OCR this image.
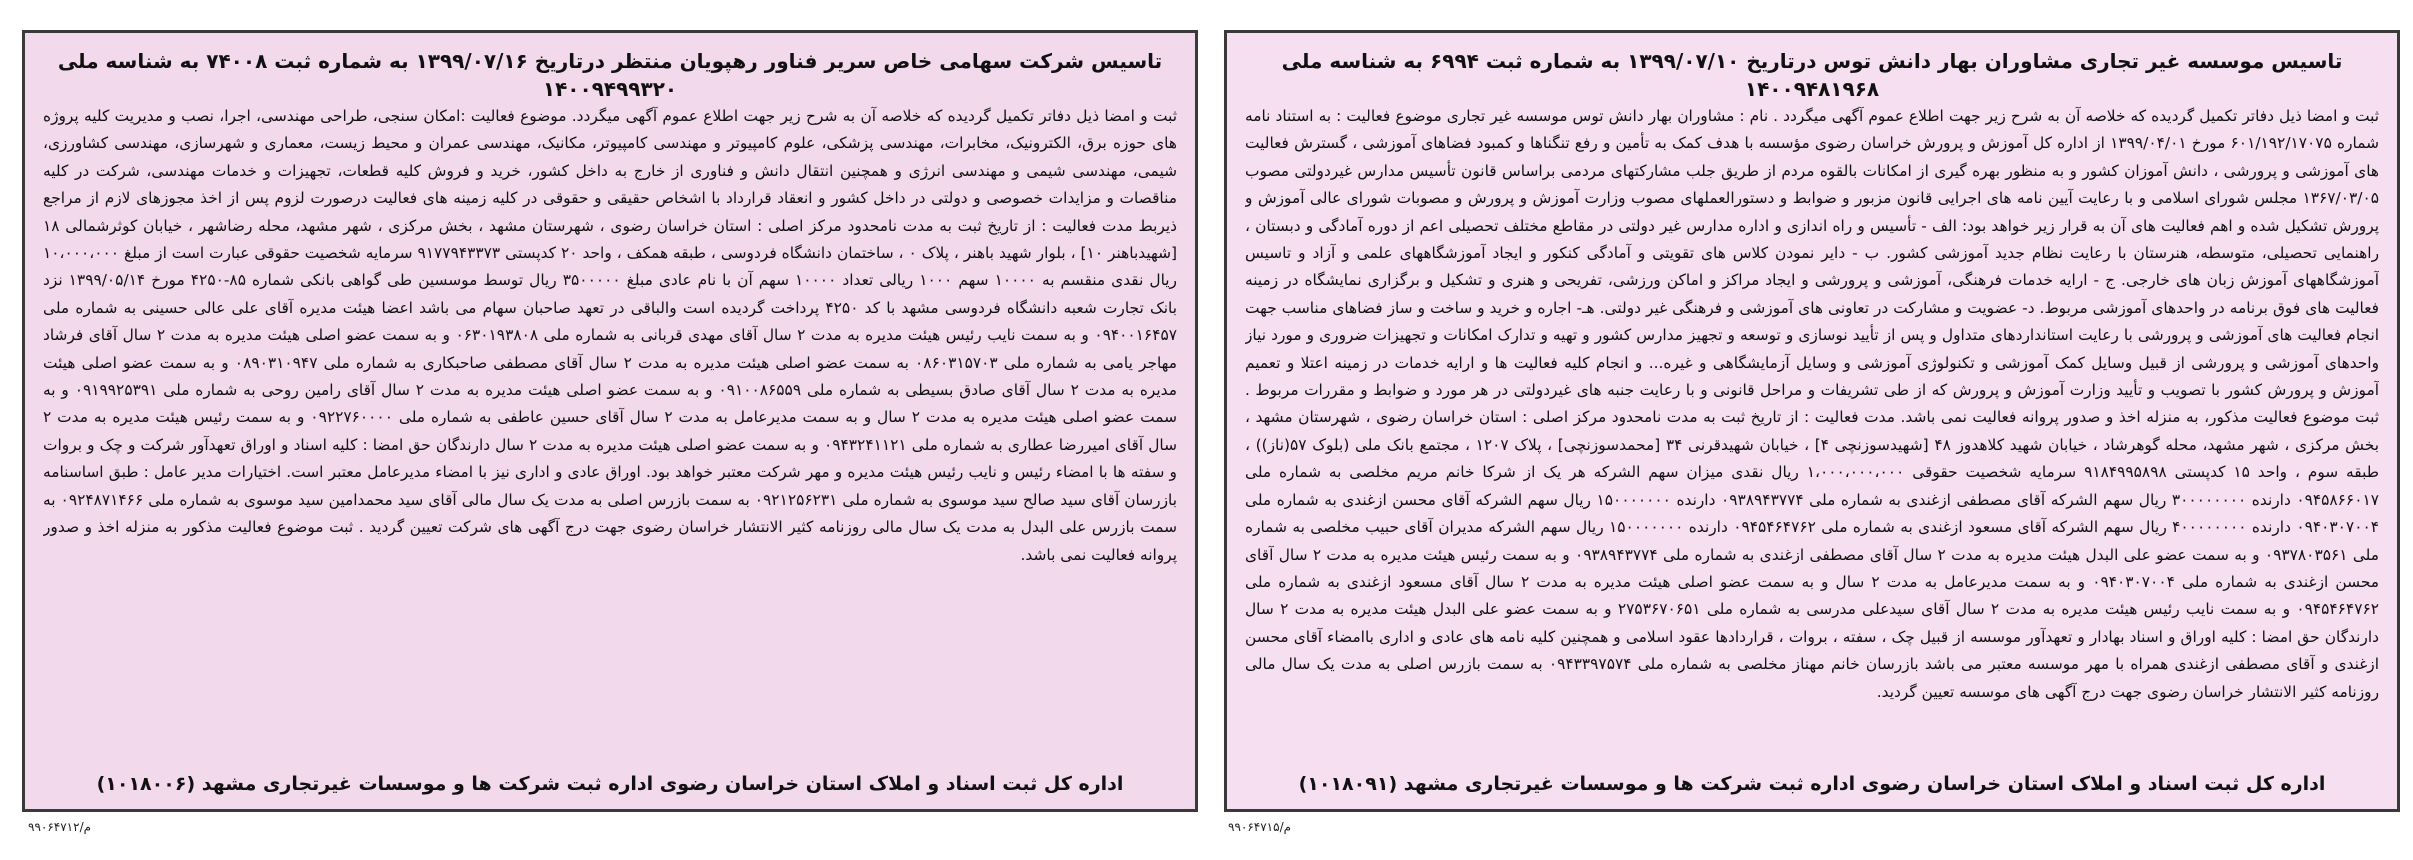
تاسیس شرکت سهامی خاص سریر فناور رهپویان منتظر درتاریخ ۱۳۹۹/۰۷/۱۶ به شماره ثبت ۷۴۰۰۸ به شناسه ملی ۱۴۰۰۹۴۹۹۳۲۰

ثبت و امضا ذیل دفاتر تکمیل گردیده که خلاصه آن به شرح زیر جهت اطلاع عموم آگهی میگردد. موضوع فعالیت :امکان سنجی، طراحی مهندسی، اجرا، نصب و مدیریت کلیه پروژه های حوزه برق، الکترونیک، مخابرات، مهندسی پزشکی، علوم کامپیوتر و مهندسی کامپیوتر، مکانیک، مهندسی عمران و محیط زیست، معماری و شهرسازی، مهندسی کشاورزی، شیمی، مهندسی شیمی و مهندسی انرژی و همچنین انتقال دانش و فناوری از خارج به داخل کشور، خرید و فروش کلیه قطعات، تجهیزات و خدمات مهندسی، شرکت در کلیه مناقصات و مزایدات خصوصی و دولتی در داخل کشور و انعقاد قرارداد با اشخاص حقیقی و حقوقی در کلیه زمینه های فعالیت درصورت لزوم پس از اخذ مجوزهای لازم از مراجع ذیربط مدت فعالیت : از تاریخ ثبت به مدت نامحدود مرکز اصلی : استان خراسان رضوی ، شهرستان مشهد ، بخش مرکزی ، شهر مشهد، محله رضاشهر ، خیابان کوثرشمالی ۱۸ [شهیدباهنر ۱۰] ، بلوار شهید باهنر ، پلاک ۰ ، ساختمان دانشگاه فردوسی ، طبقه همکف ، واحد ۲۰ کدپستی ۹۱۷۷۹۴۳۳۷۳ سرمایه شخصیت حقوقی عبارت است از مبلغ ۱۰،۰۰۰،۰۰۰ ریال نقدی منقسم به ۱۰۰۰۰ سهم ۱۰۰۰ ریالی تعداد ۱۰۰۰۰ سهم آن با نام عادی مبلغ ۳۵۰۰۰۰۰ ریال توسط موسسین طی گواهی بانکی شماره ۸۵-۴۲۵۰ مورخ ۱۳۹۹/۰۵/۱۴ نزد بانک تجارت شعبه دانشگاه فردوسی مشهد با کد ۴۲۵۰ پرداخت گردیده است والباقی در تعهد صاحبان سهام می باشد اعضا هیئت مدیره آقای علی عالی حسینی به شماره ملی ۰۹۴۰۰۱۶۴۵۷ و به سمت نایب رئیس هیئت مدیره به مدت ۲ سال آقای مهدی قربانی به شماره ملی ۰۶۳۰۱۹۳۸۰۸ و به سمت عضو اصلی هیئت مدیره به مدت ۲ سال آقای فرشاد مهاجر یامی به شماره ملی ۰۸۶۰۳۱۵۷۰۳ به سمت عضو اصلی هیئت مدیره به مدت ۲ سال آقای مصطفی صاحبکاری به شماره ملی ۰۸۹۰۳۱۰۹۴۷ و به سمت عضو اصلی هیئت مدیره به مدت ۲ سال آقای صادق بسیطی به شماره ملی ۰۹۱۰۰۸۶۵۵۹ و به سمت عضو اصلی هیئت مدیره به مدت ۲ سال آقای رامین روحی به شماره ملی ۰۹۱۹۹۲۵۳۹۱ و به سمت عضو اصلی هیئت مدیره به مدت ۲ سال و به سمت مدیرعامل به مدت ۲ سال آقای حسین عاطفی به شماره ملی ۰۹۲۲۷۶۰۰۰۰ و به سمت رئیس هیئت مدیره به مدت ۲ سال آقای امیررضا عطاری به شماره ملی ۰۹۴۳۲۴۱۱۲۱ و به سمت عضو اصلی هیئت مدیره به مدت ۲ سال دارندگان حق امضا : کلیه اسناد و اوراق تعهدآور شرکت و چک و بروات و سفته ها با امضاء رئیس و نایب رئیس هیئت مدیره و مهر شرکت معتبر خواهد بود. اوراق عادی و اداری نیز با امضاء مدیرعامل معتبر است. اختیارات مدیر عامل : طبق اساسنامه بازرسان آقای سید صالح سید موسوی به شماره ملی ۰۹۲۱۲۵۶۲۳۱ به سمت بازرس اصلی به مدت یک سال مالی آقای سید محمدامین سید موسوی به شماره ملی ۰۹۲۴۸۷۱۴۶۶ به سمت بازرس علی البدل به مدت یک سال مالی روزنامه کثیر الانتشار خراسان رضوی جهت درج آگهی های شرکت تعیین گردید . ثبت موضوع فعالیت مذکور به منزله اخذ و صدور پروانه فعالیت نمی باشد.

اداره کل ثبت اسناد و املاک استان خراسان رضوی اداره ثبت شرکت ها و موسسات غیرتجاری مشهد (۱۰۱۸۰۰۶)
تاسیس موسسه غیر تجاری مشاوران بهار دانش توس درتاریخ ۱۳۹۹/۰۷/۱۰ به شماره ثبت ۶۹۹۴ به شناسه ملی ۱۴۰۰۹۴۸۱۹۶۸

ثبت و امضا ذیل دفاتر تکمیل گردیده که خلاصه آن به شرح زیر جهت اطلاع عموم آگهی میگردد . نام : مشاوران بهار دانش توس موسسه غیر تجاری موضوع فعالیت : به استناد نامه شماره ۶۰۱/۱۹۲/۱۷۰۷۵ مورخ ۱۳۹۹/۰۴/۰۱ از اداره کل آموزش و پرورش خراسان رضوی مؤسسه با هدف کمک به تأمین و رفع تنگناها و کمبود فضاهای آموزشی ، گسترش فعالیت های آموزشی و پرورشی ، دانش آموزان کشور و به منظور بهره گیری از امکانات بالقوه مردم از طریق جلب مشارکتهای مردمی براساس قانون تأسیس مدارس غیردولتی مصوب ۱۳۶۷/۰۳/۰۵ مجلس شورای اسلامی و با رعایت آیین نامه های اجرایی قانون مزبور و ضوابط و دستورالعملهای مصوب وزارت آموزش و پرورش و مصوبات شورای عالی آموزش و پرورش تشکیل شده و اهم فعالیت های آن به قرار زیر خواهد بود: الف - تأسیس و راه اندازی و اداره مدارس غیر دولتی در مقاطع مختلف تحصیلی اعم از دوره آمادگی و دبستان ، راهنمایی تحصیلی، متوسطه، هنرستان با رعایت نظام جدید آموزشی کشور. ب - دایر نمودن کلاس های تقویتی و آمادگی کنکور و ایجاد آموزشگاههای علمی و آزاد و تاسیس آموزشگاههای آموزش زبان های خارجی. ج - ارایه خدمات فرهنگی، آموزشی و پرورشی و ایجاد مراکز و اماکن ورزشی، تفریحی و هنری و تشکیل و برگزاری نمایشگاه در زمینه فعالیت های فوق برنامه در واحدهای آموزشی مربوط. د- عضویت و مشارکت در تعاونی های آموزشی و فرهنگی غیر دولتی. هـ- اجاره و خرید و ساخت و ساز فضاهای مناسب جهت انجام فعالیت های آموزشی و پرورشی با رعایت استانداردهای متداول و پس از تأیید نوسازی و توسعه و تجهیز مدارس کشور و تهیه و تدارک امکانات و تجهیزات ضروری و مورد نیاز واحدهای آموزشی و پرورشی از قبیل وسایل کمک آموزشی و تکنولوژی آموزشی و وسایل آزمایشگاهی و غیره... و انجام کلیه فعالیت ها و ارایه خدمات در زمینه اعتلا و تعمیم آموزش و پرورش کشور با تصویب و تأیید وزارت آموزش و پرورش که از طی تشریفات و مراحل قانونی و با رعایت جنبه های غیردولتی در هر مورد و ضوابط و مقررات مربوط . ثبت موضوع فعالیت مذکور، به منزله اخذ و صدور پروانه فعالیت نمی باشد. مدت فعالیت : از تاریخ ثبت به مدت نامحدود مرکز اصلی : استان خراسان رضوی ، شهرستان مشهد ، بخش مرکزی ، شهر مشهد، محله گوهرشاد ، خیابان شهید کلاهدوز ۴۸ [شهیدسوزنچی ۴] ، خیابان شهیدقرنی ۳۴ [محمدسوزنچی] ، پلاک ۱۲۰۷ ، مجتمع بانک ملی (بلوک ۵۷(ناز)) ، طبقه سوم ، واحد ۱۵ کدپستی ۹۱۸۴۹۹۵۸۹۸ سرمایه شخصیت حقوقی ۱،۰۰۰،۰۰۰،۰۰۰ ریال نقدی میزان سهم الشرکه هر یک از شرکا خانم مریم مخلصی به شماره ملی ۰۹۴۵۸۶۶۰۱۷ دارنده ۳۰۰۰۰۰۰۰۰ ریال سهم الشرکه آقای مصطفی ازغندی به شماره ملی ۰۹۳۸۹۴۳۷۷۴ دارنده ۱۵۰۰۰۰۰۰۰ ریال سهم الشرکه آقای محسن ازغندی به شماره ملی ۰۹۴۰۳۰۷۰۰۴ دارنده ۴۰۰۰۰۰۰۰۰ ریال سهم الشرکه آقای مسعود ازغندی به شماره ملی ۰۹۴۵۴۶۴۷۶۲ دارنده ۱۵۰۰۰۰۰۰۰ ریال سهم الشرکه مدیران آقای حبیب مخلصی به شماره ملی ۰۹۳۷۸۰۳۵۶۱ و به سمت عضو علی البدل هیئت مدیره به مدت ۲ سال آقای مصطفی ازغندی به شماره ملی ۰۹۳۸۹۴۳۷۷۴ و به سمت رئیس هیئت مدیره به مدت ۲ سال آقای محسن ازغندی به شماره ملی ۰۹۴۰۳۰۷۰۰۴ و به سمت مدیرعامل به مدت ۲ سال و به سمت عضو اصلی هیئت مدیره به مدت ۲ سال آقای مسعود ازغندی به شماره ملی ۰۹۴۵۴۶۴۷۶۲ و به سمت نایب رئیس هیئت مدیره به مدت ۲ سال آقای سیدعلی مدرسی به شماره ملی ۲۷۵۳۶۷۰۶۵۱ و به سمت عضو علی البدل هیئت مدیره به مدت ۲ سال دارندگان حق امضا : کلیه اوراق و اسناد بهادار و تعهدآور موسسه از قبیل چک ، سفته ، بروات ، قراردادها عقود اسلامی و همچنین کلیه نامه های عادی و اداری باامضاء آقای محسن ازغندی و آقای مصطفی ازغندی همراه با مهر موسسه معتبر می باشد بازرسان خانم مهناز مخلصی به شماره ملی ۰۹۴۳۳۹۷۵۷۴ به سمت بازرس اصلی به مدت یک سال مالی روزنامه کثیر الانتشار خراسان رضوی جهت درج آگهی های موسسه تعیین گردید.

اداره کل ثبت اسناد و املاک استان خراسان رضوی اداره ثبت شرکت ها و موسسات غیرتجاری مشهد (۱۰۱۸۰۹۱)
م/۹۹۰۶۴۷۱۲	م/۹۹۰۶۴۷۱۵
